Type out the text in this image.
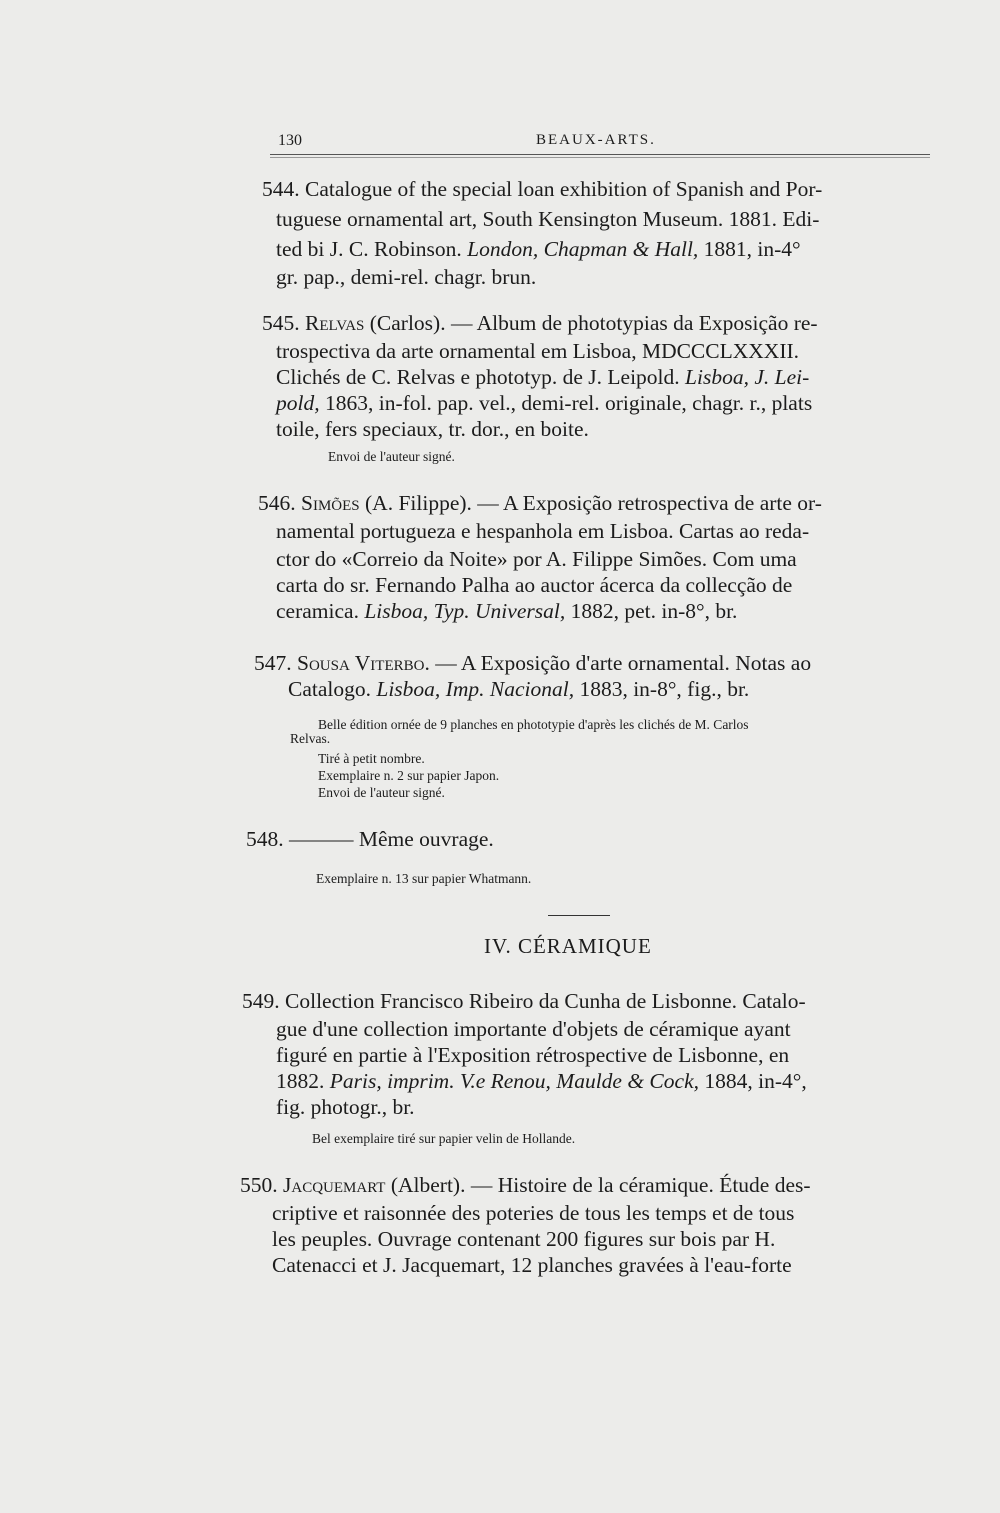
130	BEAUX-ARTS.
544. Catalogue of the special loan exhibition of Spanish and Por-
tuguese ornamental art, South Kensington Museum. 1881. Edi-
ted bi J. C. Robinson. London, Chapman & Hall, 1881, in-4°
gr. pap., demi-rel. chagr. brun.
545. Relvas (Carlos). — Album de phototypias da Exposição re-
trospectiva da arte ornamental em Lisboa, MDCCCLXXXII.
Clichés de C. Relvas e phototyp. de J. Leipold. Lisboa, J. Lei-
pold, 1863, in-fol. pap. vel., demi-rel. originale, chagr. r., plats
toile, fers speciaux, tr. dor., en boite.
Envoi de l'auteur signé.
546. Simões (A. Filippe). — A Exposição retrospectiva de arte or-
namental portugueza e hespanhola em Lisboa. Cartas ao reda-
ctor do «Correio da Noite» por A. Filippe Simões. Com uma
carta do sr. Fernando Palha ao auctor ácerca da collecção de
ceramica. Lisboa, Typ. Universal, 1882, pet. in-8°, br.
547. Sousa Viterbo. — A Exposição d'arte ornamental. Notas ao
Catalogo. Lisboa, Imp. Nacional, 1883, in-8°, fig., br.
Belle édition ornée de 9 planches en phototypie d'après les clichés de M. Carlos
Relvas.
Tiré à petit nombre.
Exemplaire n. 2 sur papier Japon.
Envoi de l'auteur signé.
548. ——— Même ouvrage.
Exemplaire n. 13 sur papier Whatmann.
IV. CÉRAMIQUE
549. Collection Francisco Ribeiro da Cunha de Lisbonne. Catalo-
gue d'une collection importante d'objets de céramique ayant
figuré en partie à l'Exposition rétrospective de Lisbonne, en
1882. Paris, imprim. V.e Renou, Maulde & Cock, 1884, in-4°,
fig. photogr., br.
Bel exemplaire tiré sur papier velin de Hollande.
550. Jacquemart (Albert). — Histoire de la céramique. Étude des-
criptive et raisonnée des poteries de tous les temps et de tous
les peuples. Ouvrage contenant 200 figures sur bois par H.
Catenacci et J. Jacquemart, 12 planches gravées à l'eau-forte
